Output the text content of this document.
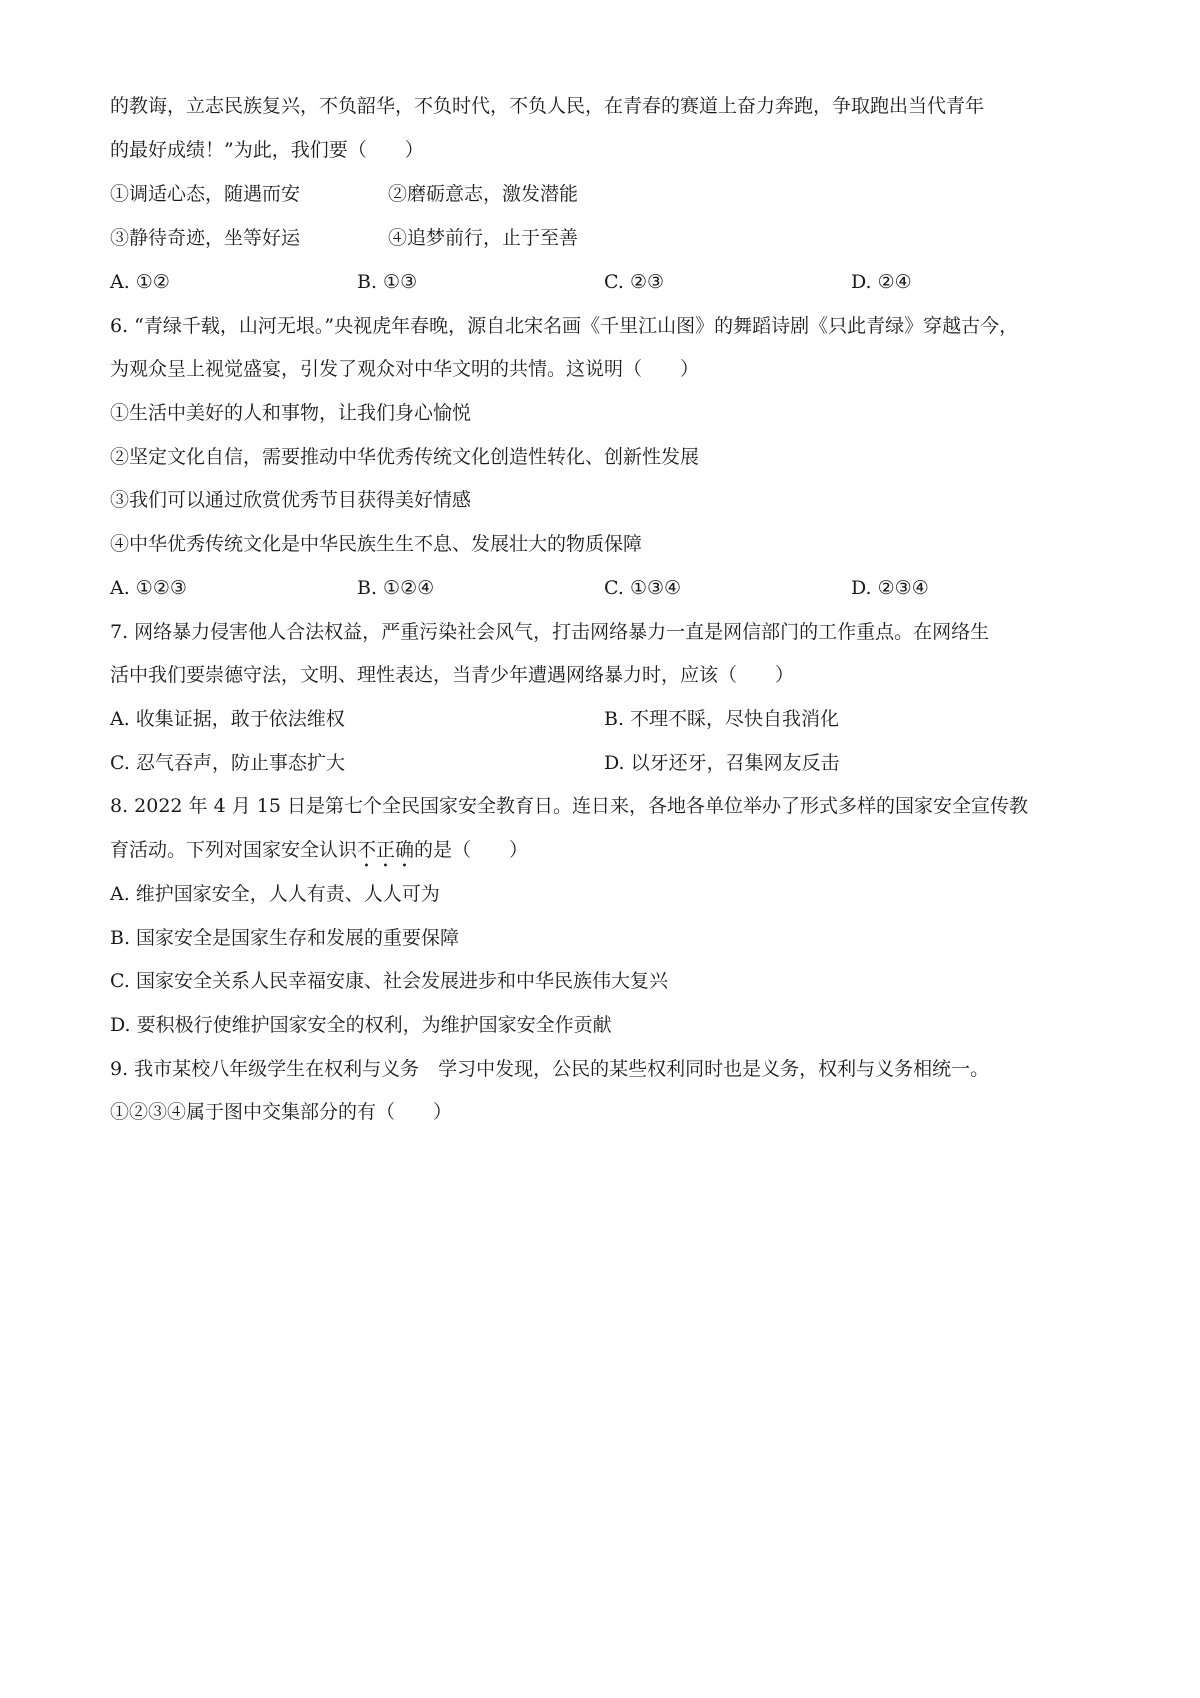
的教诲，立志民族复兴，不负韶华，不负时代，不负人民，在青春的赛道上奋力奔跑，争取跑出当代青年
的最好成绩！”为此，我们要（　　）
①调适心态，随遇而安	②磨砺意志，激发潜能
③静待奇迹，坐等好运	④追梦前行，止于至善
A. ①②	B. ①③	C. ②③	D. ②④
6. “青绿千载，山河无垠。”央视虎年春晚，源自北宋名画《千里江山图》的舞蹈诗剧《只此青绿》穿越古今，
为观众呈上视觉盛宴，引发了观众对中华文明的共情。这说明（　　）
①生活中美好的人和事物，让我们身心愉悦
②坚定文化自信，需要推动中华优秀传统文化创造性转化、创新性发展
③我们可以通过欣赏优秀节目获得美好情感
④中华优秀传统文化是中华民族生生不息、发展壮大的物质保障
A. ①②③	B. ①②④	C. ①③④	D. ②③④
7. 网络暴力侵害他人合法权益，严重污染社会风气，打击网络暴力一直是网信部门的工作重点。在网络生
活中我们要崇德守法，文明、理性表达，当青少年遭遇网络暴力时，应该（　　）
A. 收集证据，敢于依法维权	B. 不理不睬，尽快自我消化
C. 忍气吞声，防止事态扩大	D. 以牙还牙，召集网友反击
8. 2022 年 4 月 15 日是第七个全民国家安全教育日。连日来，各地各单位举办了形式多样的国家安全宣传教
育活动。下列对国家安全认识不正确的是（　　）
A. 维护国家安全，人人有责、人人可为
B. 国家安全是国家生存和发展的重要保障
C. 国家安全关系人民幸福安康、社会发展进步和中华民族伟大复兴
D. 要积极行使维护国家安全的权利，为维护国家安全作贡献
9. 我市某校八年级学生在权利与义务　学习中发现，公民的某些权利同时也是义务，权利与义务相统一。
①②③④属于图中交集部分的有（　　）
